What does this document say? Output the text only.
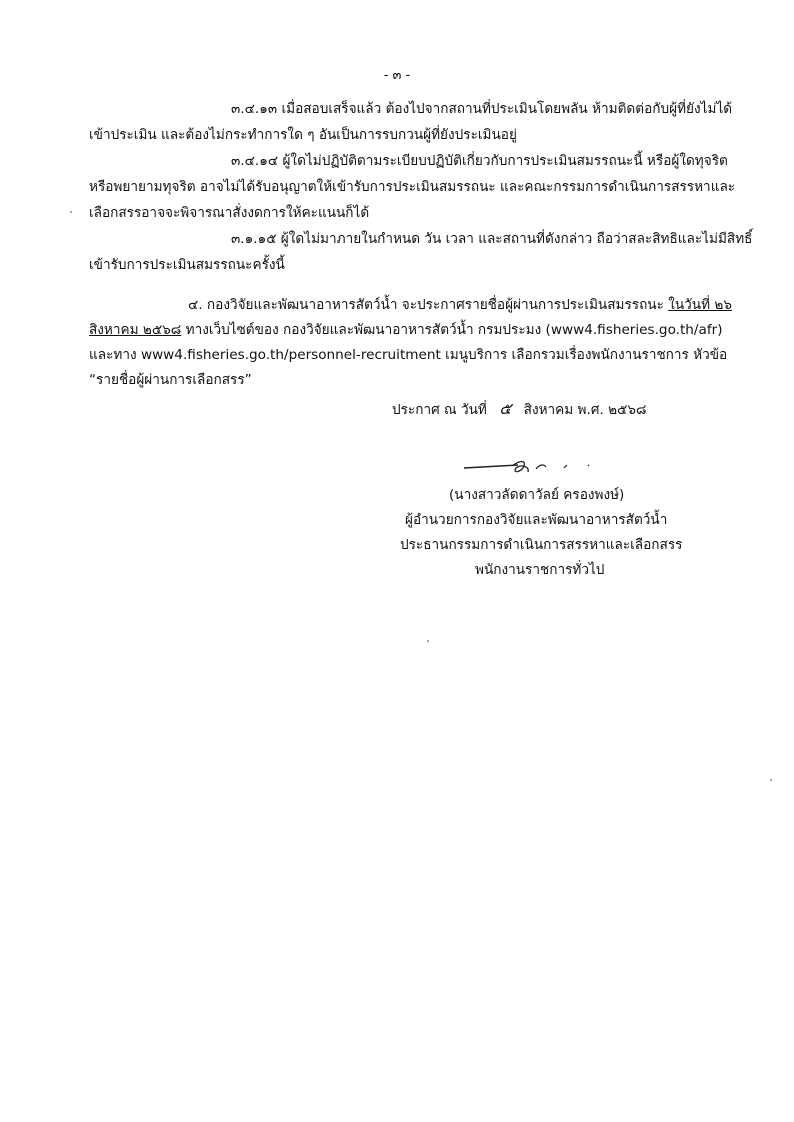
- ๓ -
๓.๔.๑๓ เมื่อสอบเสร็จแล้ว ต้องไปจากสถานที่ประเมินโดยพลัน ห้ามติดต่อกับผู้ที่ยังไม่ได้
เข้าประเมิน และต้องไม่กระทำการใด ๆ อันเป็นการรบกวนผู้ที่ยังประเมินอยู่
๓.๔.๑๔ ผู้ใดไม่ปฏิบัติตามระเบียบปฏิบัติเกี่ยวกับการประเมินสมรรถนะนี้ หรือผู้ใดทุจริต
หรือพยายามทุจริต อาจไม่ได้รับอนุญาตให้เข้ารับการประเมินสมรรถนะ และคณะกรรมการดำเนินการสรรหาและ
เลือกสรรอาจจะพิจารณาสั่งงดการให้คะแนนก็ได้
๓.๑.๑๕ ผู้ใดไม่มาภายในกำหนด วัน เวลา และสถานที่ดังกล่าว ถือว่าสละสิทธิและไม่มีสิทธิ์
เข้ารับการประเมินสมรรถนะครั้งนี้
๔. กองวิจัยและพัฒนาอาหารสัตว์น้ำ จะประกาศรายชื่อผู้ผ่านการประเมินสมรรถนะ ในวันที่ ๒๖
สิงหาคม ๒๕๖๘ ทางเว็บไซต์ของ กองวิจัยและพัฒนาอาหารสัตว์น้ำ กรมประมง (www4.fisheries.go.th/afr)
และทาง www4.fisheries.go.th/personnel-recruitment เมนูบริการ เลือกรวมเรื่องพนักงานราชการ หัวข้อ
“รายชื่อผู้ผ่านการเลือกสรร”
ประกาศ ณ วันที่ ๕ สิงหาคม พ.ศ. ๒๕๖๘
(นางสาวลัดดาวัลย์ ครองพงษ์)
ผู้อำนวยการกองวิจัยและพัฒนาอาหารสัตว์น้ำ
ประธานกรรมการดำเนินการสรรหาและเลือกสรร
พนักงานราชการทั่วไป
